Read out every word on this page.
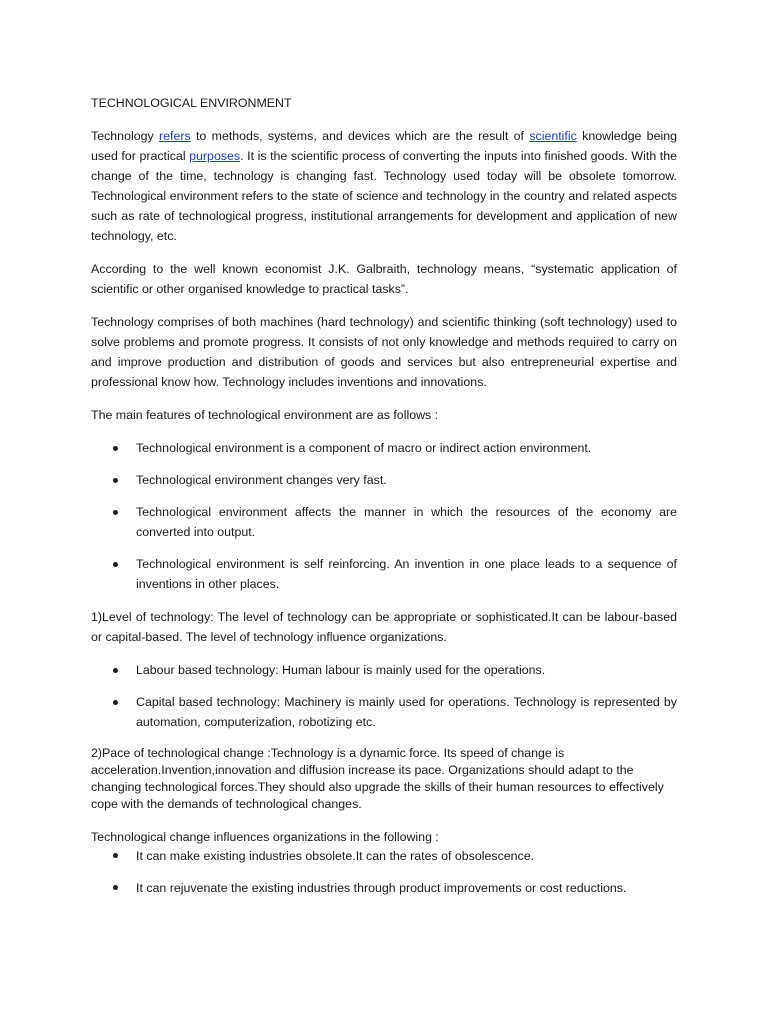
TECHNOLOGICAL ENVIRONMENT

Technology refers to methods, systems, and devices which are the result of scientific knowledge being used for practical purposes. It is the scientific process of converting the inputs into finished goods. With the change of the time, technology is changing fast. Technology used today will be obsolete tomorrow. Technological environment refers to the state of science and technology in the country and related aspects such as rate of technological progress, institutional arrangements for development and application of new technology, etc.

According to the well known economist J.K. Galbraith, technology means, “systematic application of scientific or other organised knowledge to practical tasks”.

Technology comprises of both machines (hard technology) and scientific thinking (soft technology) used to solve problems and promote progress. It consists of not only knowledge and methods required to carry on and improve production and distribution of goods and services but also entrepreneurial expertise and professional know how. Technology includes inventions and innovations.

The main features of technological environment are as follows :

Technological environment is a component of macro or indirect action environment.
Technological environment changes very fast.
Technological environment affects the manner in which the resources of the economy are converted into output.
Technological environment is self reinforcing. An invention in one place leads to a sequence of inventions in other places.

1)Level of technology: The level of technology can be appropriate or sophisticated.It can be labour-based or capital-based. The level of technology influence organizations.

Labour based technology: Human labour is mainly used for the operations.
Capital based technology: Machinery is mainly used for operations. Technology is represented by automation, computerization, robotizing etc.

2)Pace of technological change :Technology is a dynamic force. Its speed of change is acceleration.Invention,innovation and diffusion increase its pace. Organizations should adapt to the changing technological forces.They should also upgrade the skills of their human resources to effectively cope with the demands of technological changes.

Technological change influences organizations in the following :

It can make existing industries obsolete.It can the rates of obsolescence.
It can rejuvenate the existing industries through product improvements or cost reductions.
